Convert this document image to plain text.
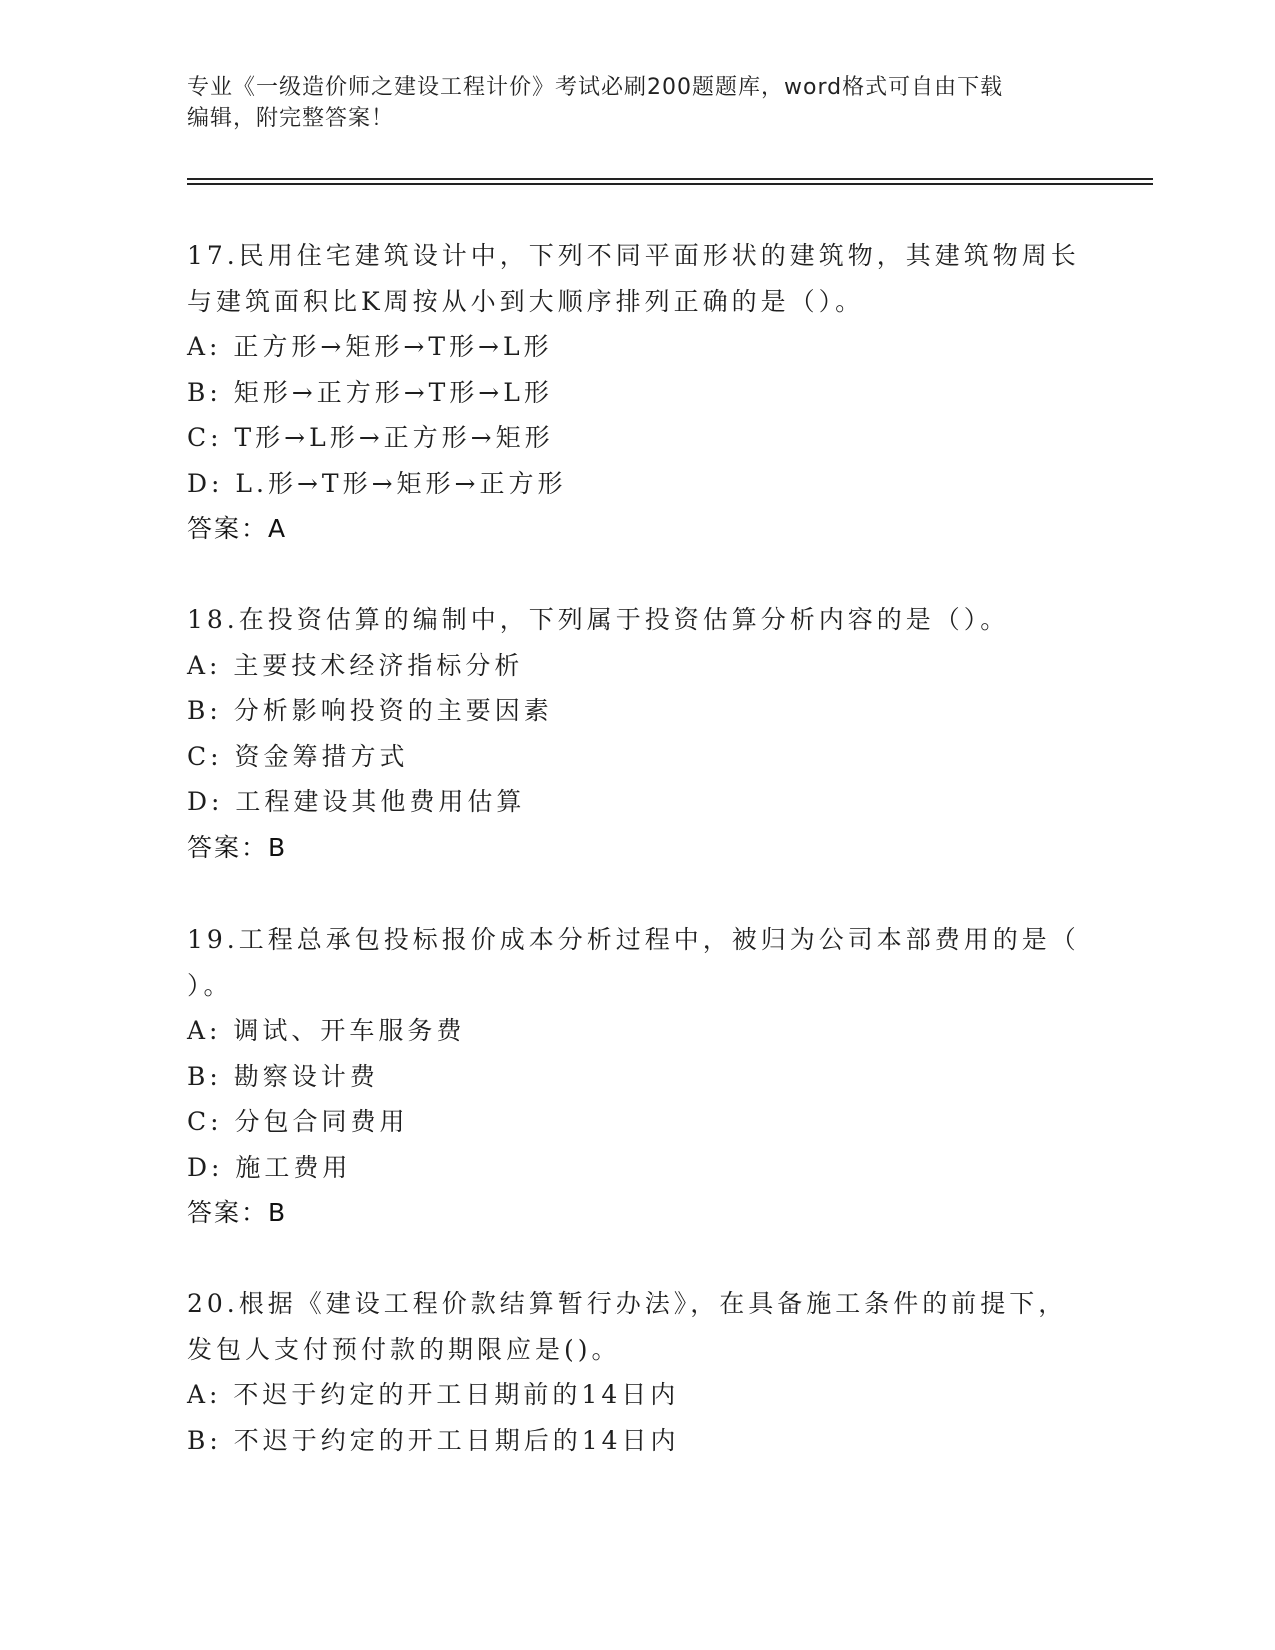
专业《一级造价师之建设工程计价》考试必刷200题题库，word格式可自由下载
编辑，附完整答案！
17.民用住宅建筑设计中，下列不同平面形状的建筑物，其建筑物周长
与建筑面积比K周按从小到大顺序排列正确的是（）。
A: 正方形→矩形→T形→L形
B: 矩形→正方形→T形→L形
C: T形→L形→正方形→矩形
D: L.形→T形→矩形→正方形
答案：A
18.在投资估算的编制中，下列属于投资估算分析内容的是（）。
A: 主要技术经济指标分析
B: 分析影响投资的主要因素
C: 资金筹措方式
D: 工程建设其他费用估算
答案：B
19.工程总承包投标报价成本分析过程中，被归为公司本部费用的是（
）。
A: 调试、开车服务费
B: 勘察设计费
C: 分包合同费用
D: 施工费用
答案：B
20.根据《建设工程价款结算暂行办法》，在具备施工条件的前提下，
发包人支付预付款的期限应是()。
A: 不迟于约定的开工日期前的14日内
B: 不迟于约定的开工日期后的14日内
